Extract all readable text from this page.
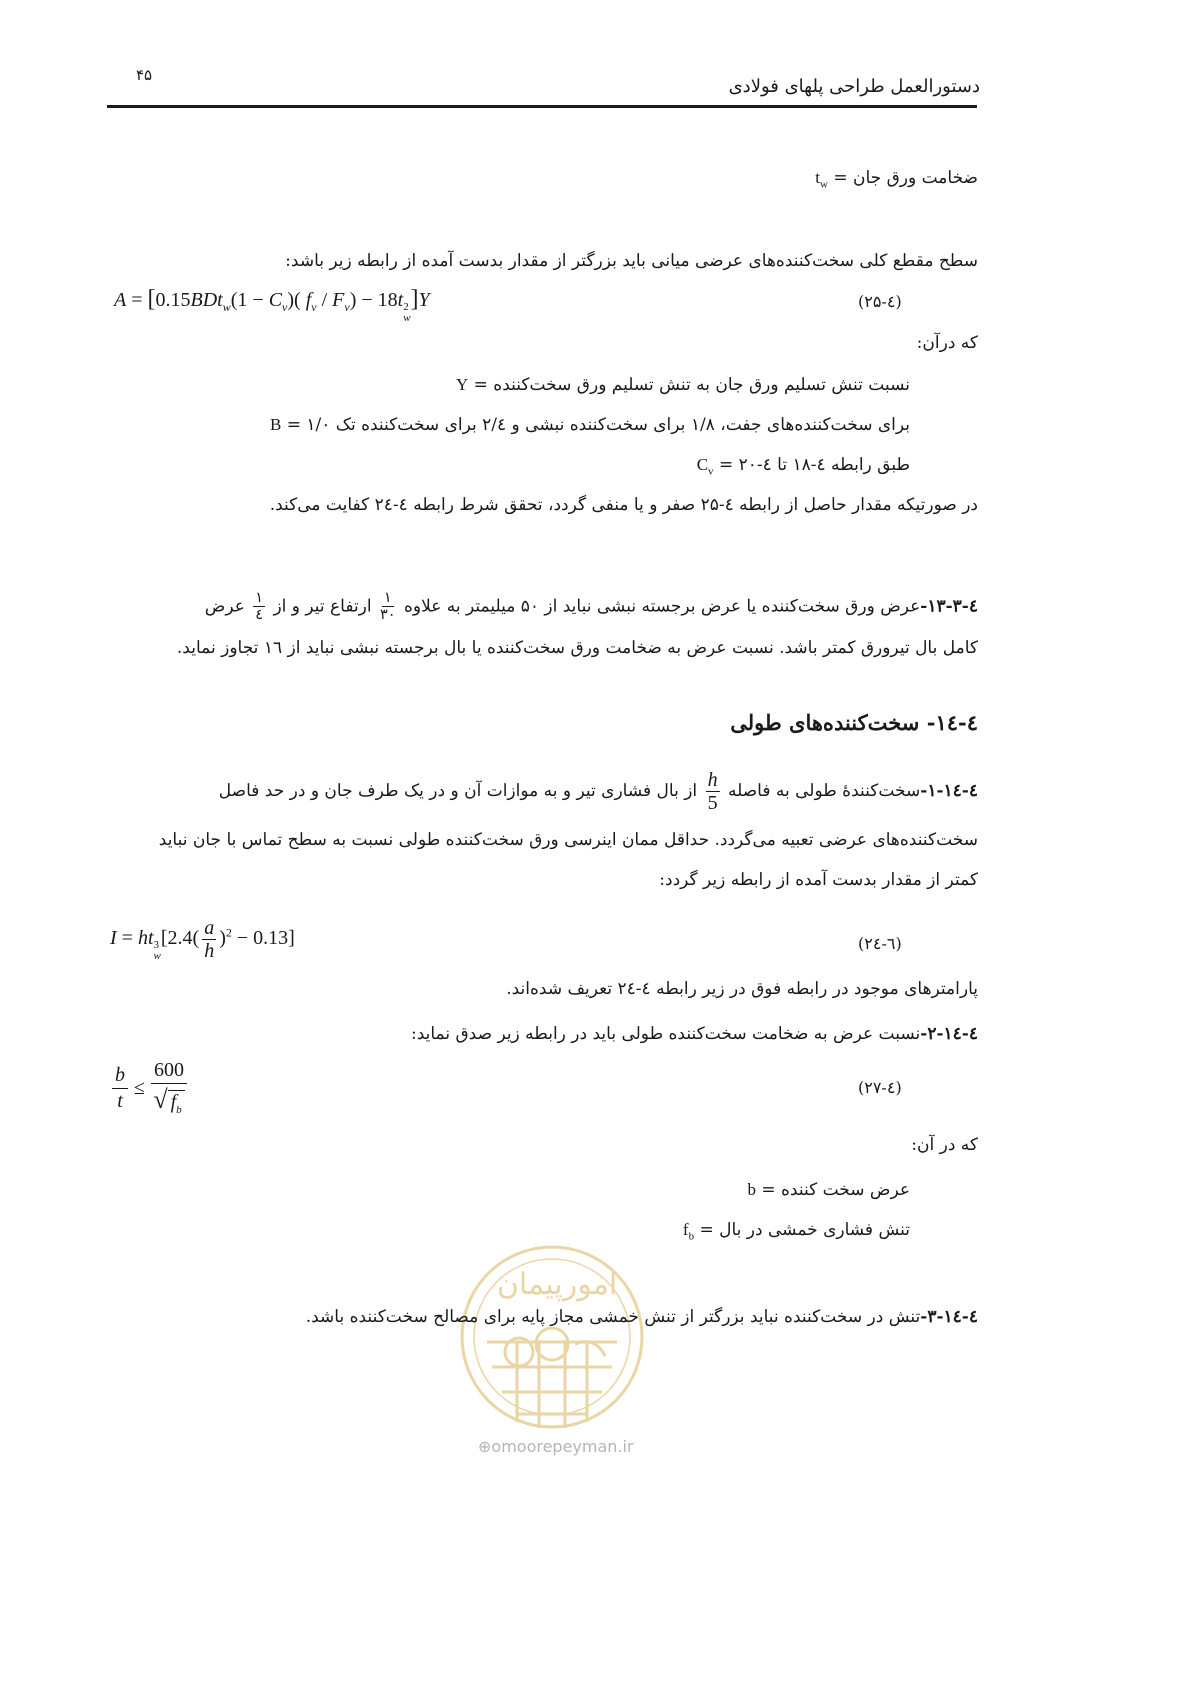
۴۵
دستورالعمل طراحی پلهای فولادی
$t_w$ = ضخامت ورق جان
سطح مقطع کلی سخت‌کننده‌های عرضی میانی باید بزرگتر از مقدار بدست آمده از رابطه زیر باشد:
$A = [0.15BDt_w(1 - C_v)$( $f_v / F_v) - 18t$ 2
w
]Y	(۲۵-٤)
که درآن:
Y = نسبت تنش تسلیم ورق جان به تنش تسلیم ورق سخت‌کننده
B = ۱/۰ برای سخت‌کننده‌های جفت، ۱/۸ برای سخت‌کننده نبشی و ۲/٤ برای سخت‌کننده تک
$C_v$ = طبق رابطه ٤-۱۸ تا ٤-۲۰
در صورتیکه مقدار حاصل از رابطه ٤-۲۵ صفر و یا منفی گردد، تحقق شرط رابطه ٤-۲٤ کفایت می‌کند.
٤-۱۳-۳-عرض ورق سخت‌کننده یا عرض برجسته نبشی نباید از ۵۰ میلیمتر به علاوه
$\frac{۱}{۳۰}$
ارتفاع تیر و از
$\frac{۱}{٤}$
عرض
کامل بال تیرورق کمتر باشد. نسبت عرض به ضخامت ورق سخت‌کننده یا بال برجسته نبشی نباید از ۱٦ تجاوز نماید.
٤-۱٤- سخت‌کننده‌های طولی
٤-۱٤-۱-سخت‌کنندهٔ طولی به فاصله
$\frac{h}{5}$
از بال فشاری تیر و به موازات آن و در یک طرف جان و در حد فاصل
سخت‌کننده‌های عرضی تعبیه می‌گردد. حداقل ممان اینرسی ورق سخت‌کننده طولی نسبت به سطح تماس با جان نباید
کمتر از مقدار بدست آمده از رابطه زیر گردد:
I = ht 3
w
$[2.4( \frac{a}{h} )^2 - 0.13]$	(۲٦-٤)
پارامترهای موجود در رابطه فوق در زیر رابطه ٤-۲٤ تعریف شده‌اند.
٤-۱٤-۲-نسبت عرض به ضخامت سخت‌کننده طولی باید در رابطه زیر صدق نماید:
$\frac{b}{t} \le \frac{600}{√ f_b}$	(۲۷-٤)
که در آن:
b = عرض سخت کننده
$f_b$ = تنش فشاری خمشی در بال
امورپیمان
٤-۱٤-۳-تنش در سخت‌کننده نباید بزرگتر از تنش خمشی مجاز پایه برای مصالح سخت‌کننده باشد.
⊕omoorepeyman.ir
